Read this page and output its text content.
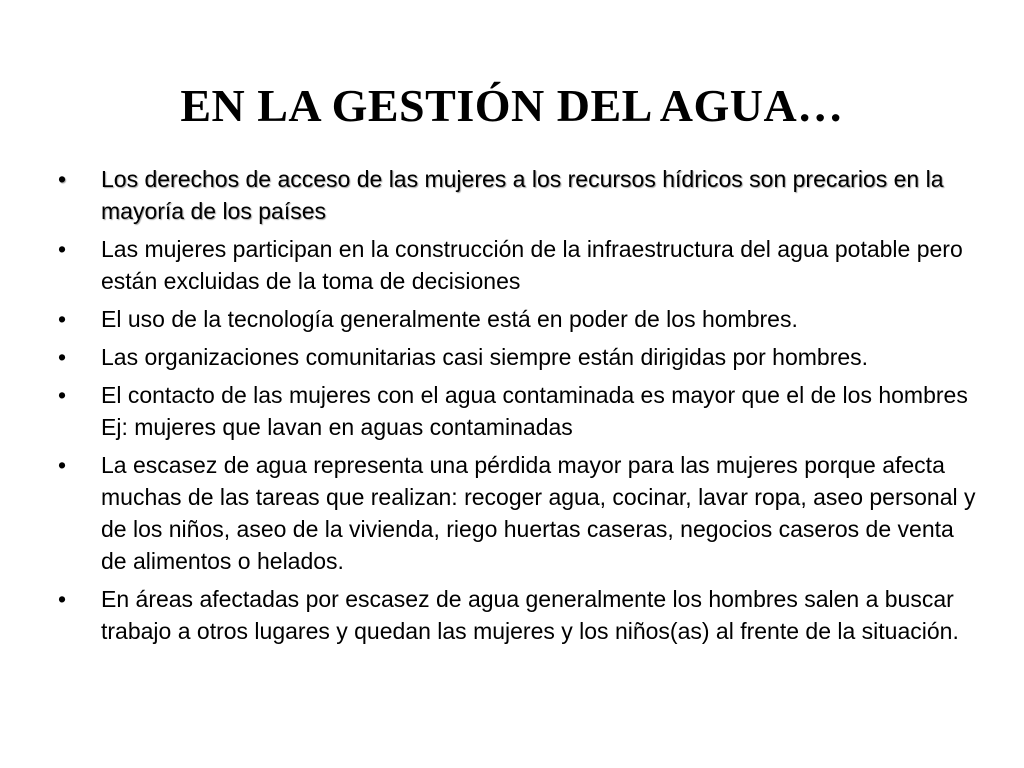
EN LA GESTIÓN DEL AGUA…
•	Los derechos de acceso de las mujeres a los recursos hídricos son precarios en la mayoría de los países
•	Las mujeres participan en la construcción de la infraestructura del agua potable pero están excluidas de la toma de decisiones
•	El uso de la tecnología generalmente está en poder de los hombres.
•	Las organizaciones comunitarias casi siempre están dirigidas por hombres.
•	El contacto de las mujeres con el agua contaminada es mayor que el de los hombres Ej: mujeres que lavan en aguas contaminadas
•	La escasez de agua representa una pérdida mayor para las mujeres porque afecta muchas de las tareas que realizan: recoger agua, cocinar, lavar ropa, aseo personal y de los niños, aseo de la vivienda, riego huertas caseras, negocios caseros de venta de alimentos o helados.
•	En áreas afectadas por escasez de agua generalmente los hombres salen a buscar trabajo a otros lugares y quedan las mujeres y los niños(as) al frente de la situación.
